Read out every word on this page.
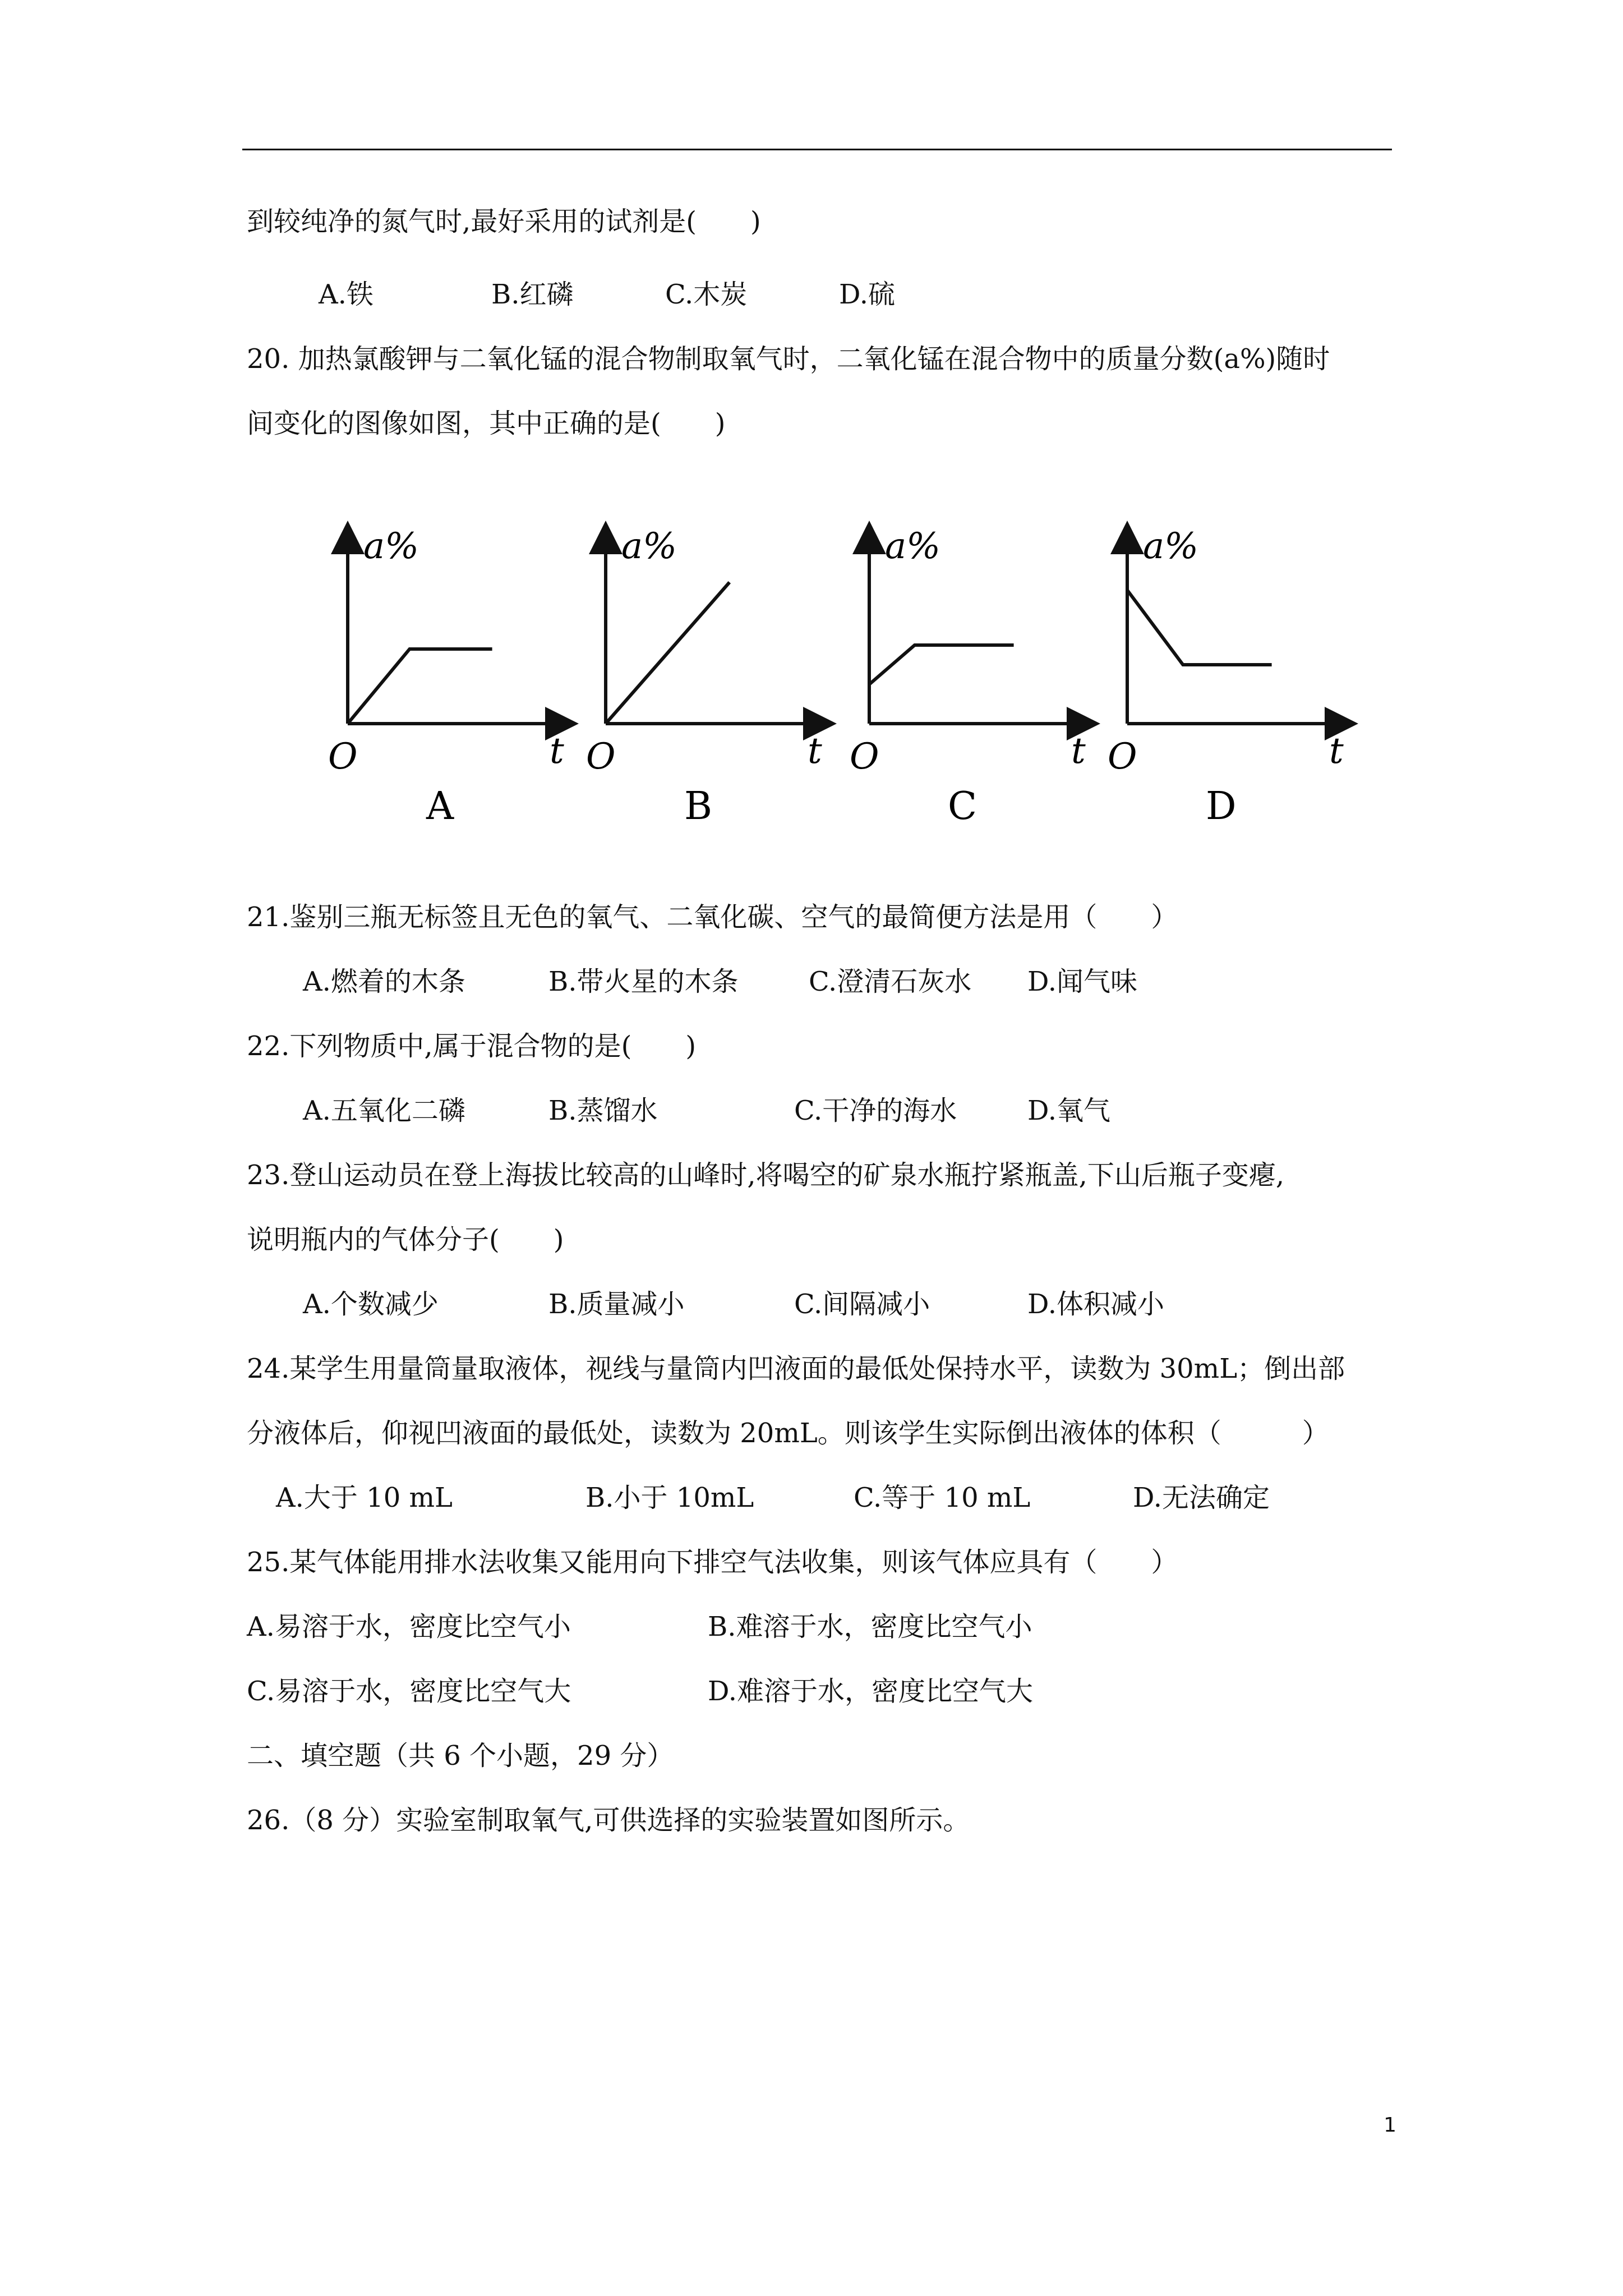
到较纯净的氮气时,最好采用的试剂是(　　)
A.铁	B.红磷	C.木炭	D.硫
20. 加热氯酸钾与二氧化锰的混合物制取氧气时，二氧化锰在混合物中的质量分数(a%)随时
间变化的图像如图，其中正确的是(　　)
a%
t
O
A
a%
t
O
B
a%
t
O
C
a%
t
O
D
21.鉴别三瓶无标签且无色的氧气、二氧化碳、空气的最简便方法是用（　　）
A.燃着的木条	B.带火星的木条	C.澄清石灰水 D.闻气味
22.下列物质中,属于混合物的是(　　)
A.五氧化二磷	B.蒸馏水	C.干净的海水	D.氧气
23.登山运动员在登上海拔比较高的山峰时,将喝空的矿泉水瓶拧紧瓶盖,下山后瓶子变瘪,
说明瓶内的气体分子(　　)
A.个数减少	B.质量减小	C.间隔减小	D.体积减小
24.某学生用量筒量取液体，视线与量筒内凹液面的最低处保持水平，读数为 30mL；倒出部
分液体后，仰视凹液面的最低处，读数为 20mL。则该学生实际倒出液体的体积（　　　）
A.大于 10 mL	B.小于 10mL	C.等于 10 mL	D.无法确定
25.某气体能用排水法收集又能用向下排空气法收集，则该气体应具有（　　）
A.易溶于水，密度比空气小	B.难溶于水，密度比空气小
C.易溶于水，密度比空气大	D.难溶于水，密度比空气大
二、填空题（共 6 个小题，29 分）
26.（8 分）实验室制取氧气,可供选择的实验装置如图所示。
1
